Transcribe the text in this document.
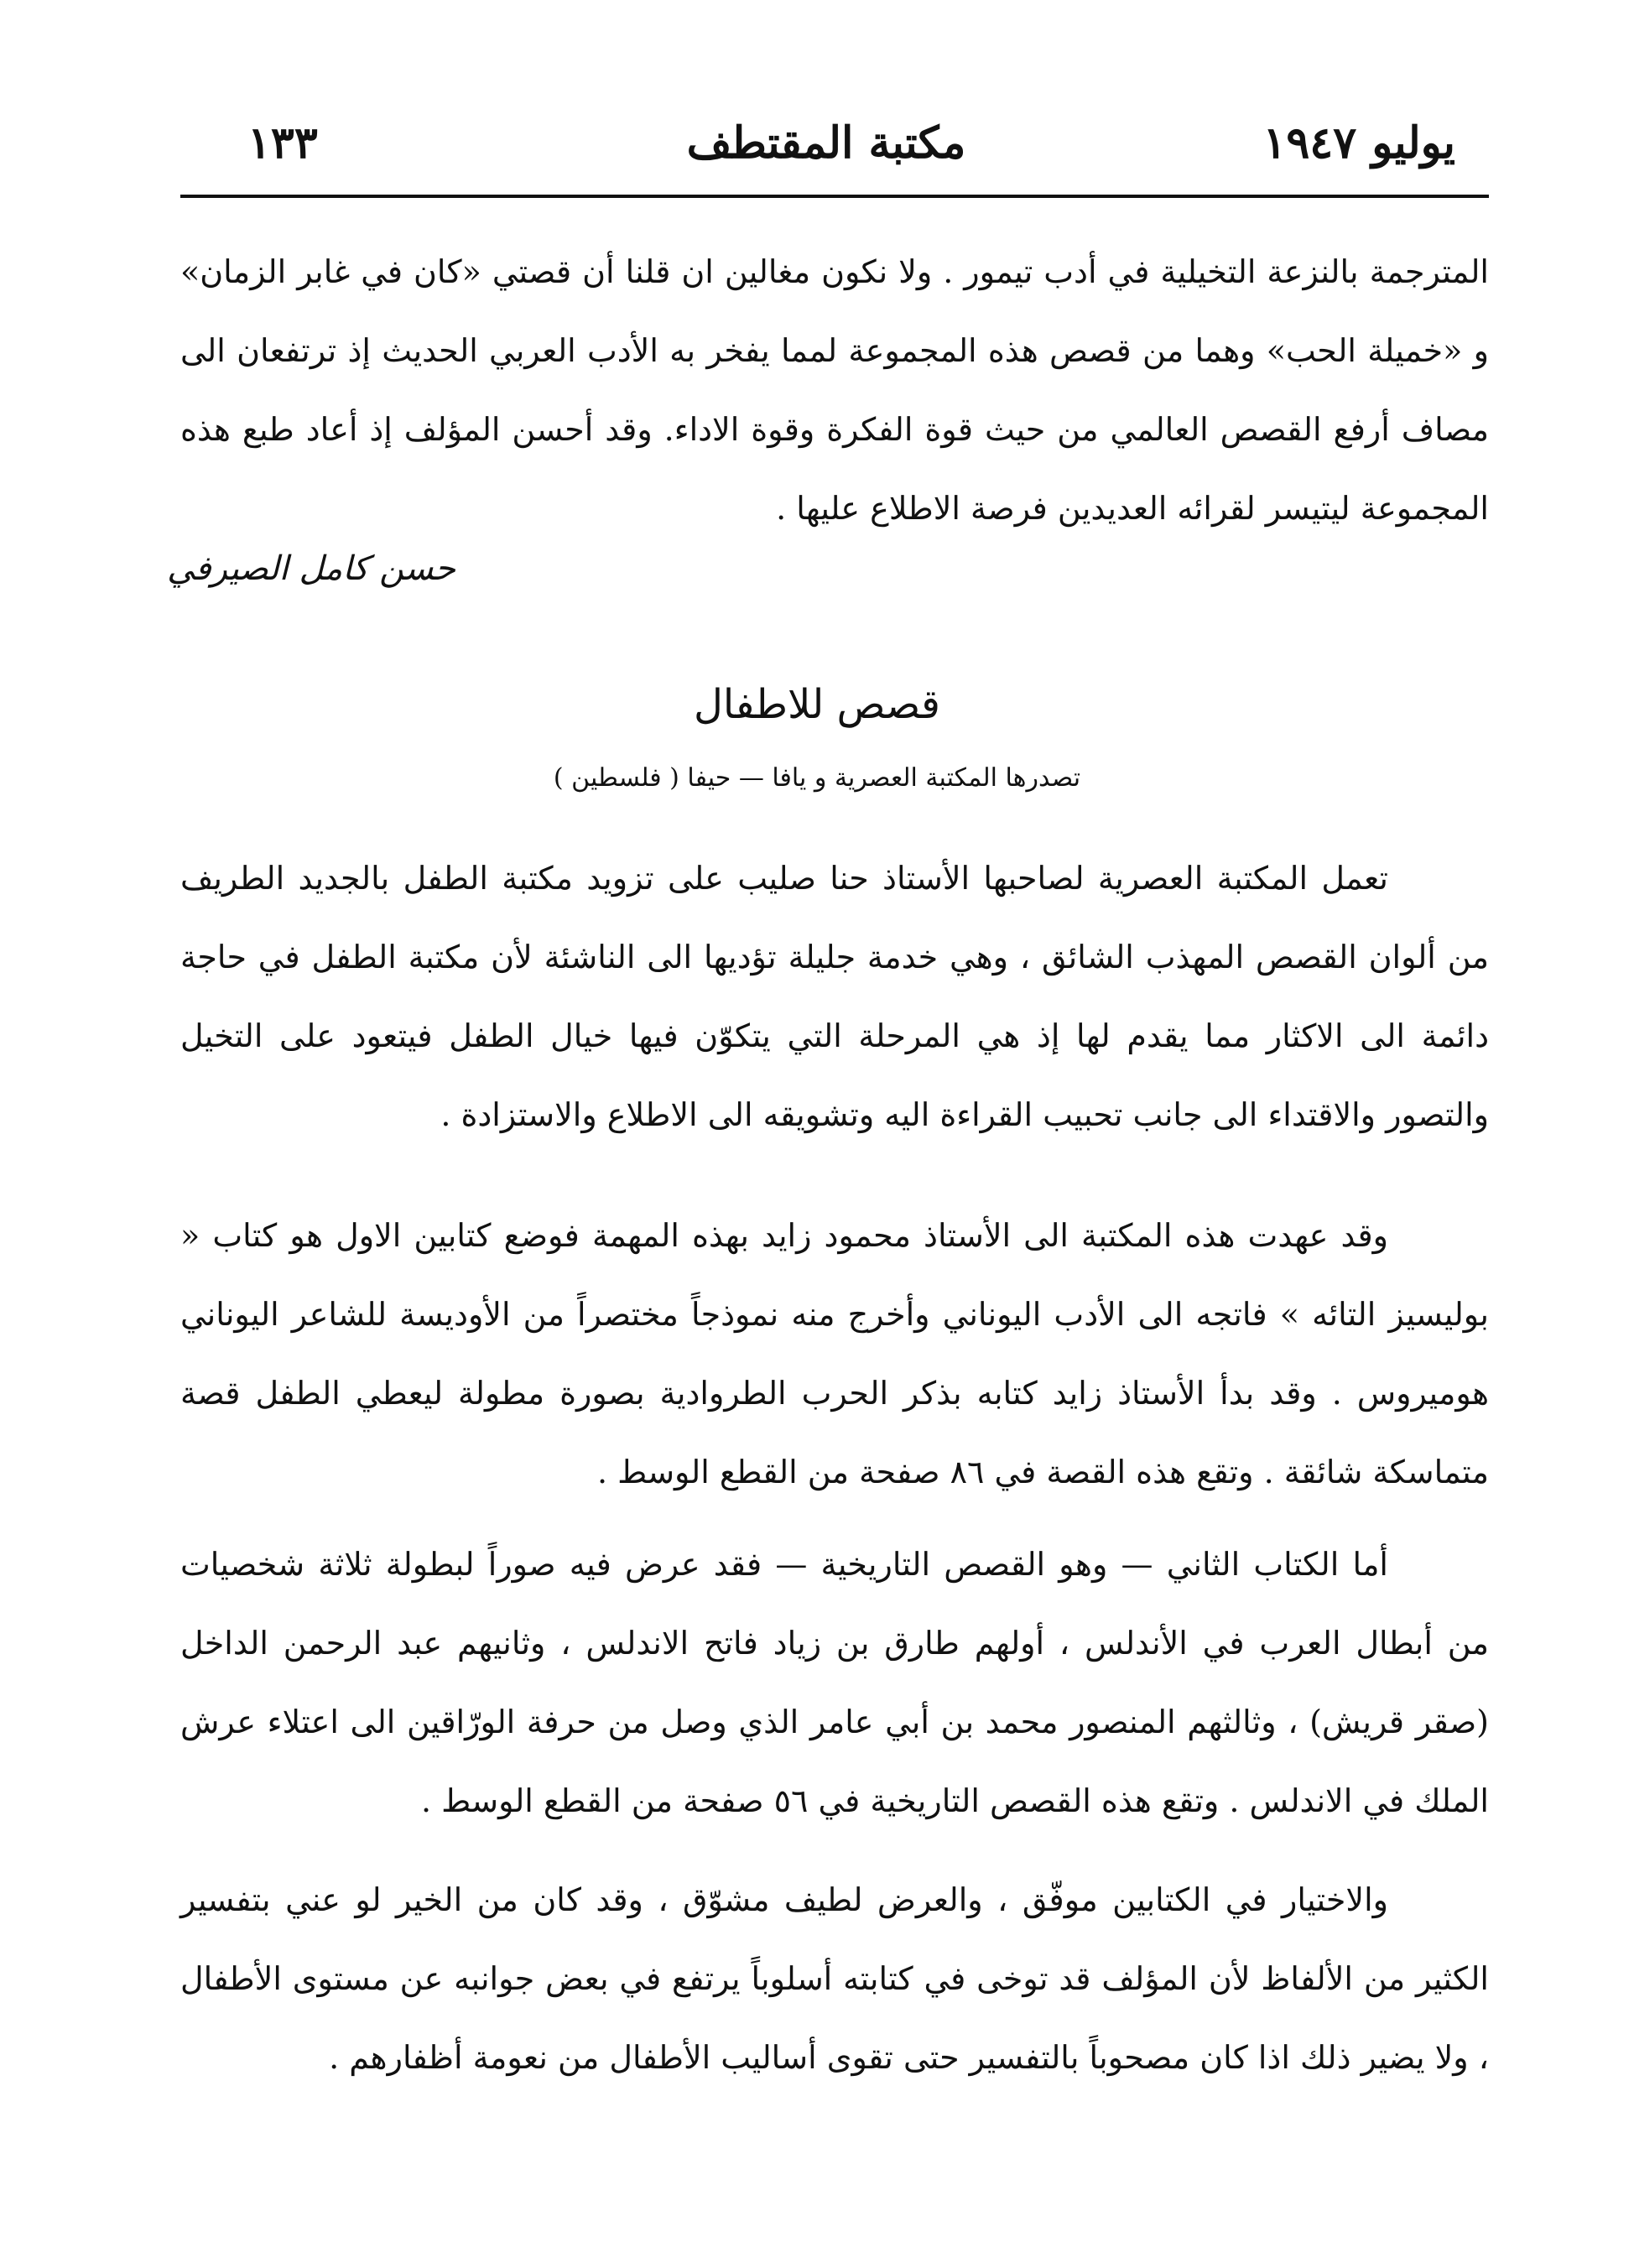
يوليو ١٩٤٧
مكتبة المقتطف
١٣٣

المترجمة بالنزعة التخيلية في أدب تيمور . ولا نكون مغالين ان قلنا أن قصتي «كان في غابر الزمان» و «خميلة الحب» وهما من قصص هذه المجموعة لمما يفخر به الأدب العربي الحديث إذ ترتفعان الى مصاف أرفع القصص العالمي من حيث قوة الفكرة وقوة الاداء. وقد أحسن المؤلف إذ أعاد طبع هذه المجموعة ليتيسر لقرائه العديدين فرصة الاطلاع عليها .

حسن كامل الصيرفي
قصص للاطفال
تصدرها المكتبة العصرية و يافا — حيفا ( فلسطين )

تعمل المكتبة العصرية لصاحبها الأستاذ حنا صليب على تزويد مكتبة الطفل بالجديد الطريف من ألوان القصص المهذب الشائق ، وهي خدمة جليلة تؤديها الى الناشئة لأن مكتبة الطفل في حاجة دائمة الى الاكثار مما يقدم لها إذ هي المرحلة التي يتكوّن فيها خيال الطفل فيتعود على التخيل والتصور والاقتداء الى جانب تحبيب القراءة اليه وتشويقه الى الاطلاع والاستزادة .

وقد عهدت هذه المكتبة الى الأستاذ محمود زايد بهذه المهمة فوضع كتابين الاول هو كتاب « بوليسيز التائه » فاتجه الى الأدب اليوناني وأخرج منه نموذجاً مختصراً من الأوديسة للشاعر اليوناني هوميروس . وقد بدأ الأستاذ زايد كتابه بذكر الحرب الطروادية بصورة مطولة ليعطي الطفل قصة متماسكة شائقة . وتقع هذه القصة في ٨٦ صفحة من القطع الوسط .

أما الكتاب الثاني — وهو القصص التاريخية — فقد عرض فيه صوراً لبطولة ثلاثة شخصيات من أبطال العرب في الأندلس ، أولهم طارق بن زياد فاتح الاندلس ، وثانيهم عبد الرحمن الداخل (صقر قريش) ، وثالثهم المنصور محمد بن أبي عامر الذي وصل من حرفة الورّاقين الى اعتلاء عرش الملك في الاندلس . وتقع هذه القصص التاريخية في ٥٦ صفحة من القطع الوسط .

والاختيار في الكتابين موفّق ، والعرض لطيف مشوّق ، وقد كان من الخير لو عني بتفسير الكثير من الألفاظ لأن المؤلف قد توخى في كتابته أسلوباً يرتفع في بعض جوانبه عن مستوى الأطفال ، ولا يضير ذلك اذا كان مصحوباً بالتفسير حتى تقوى أساليب الأطفال من نعومة أظفارهم .
